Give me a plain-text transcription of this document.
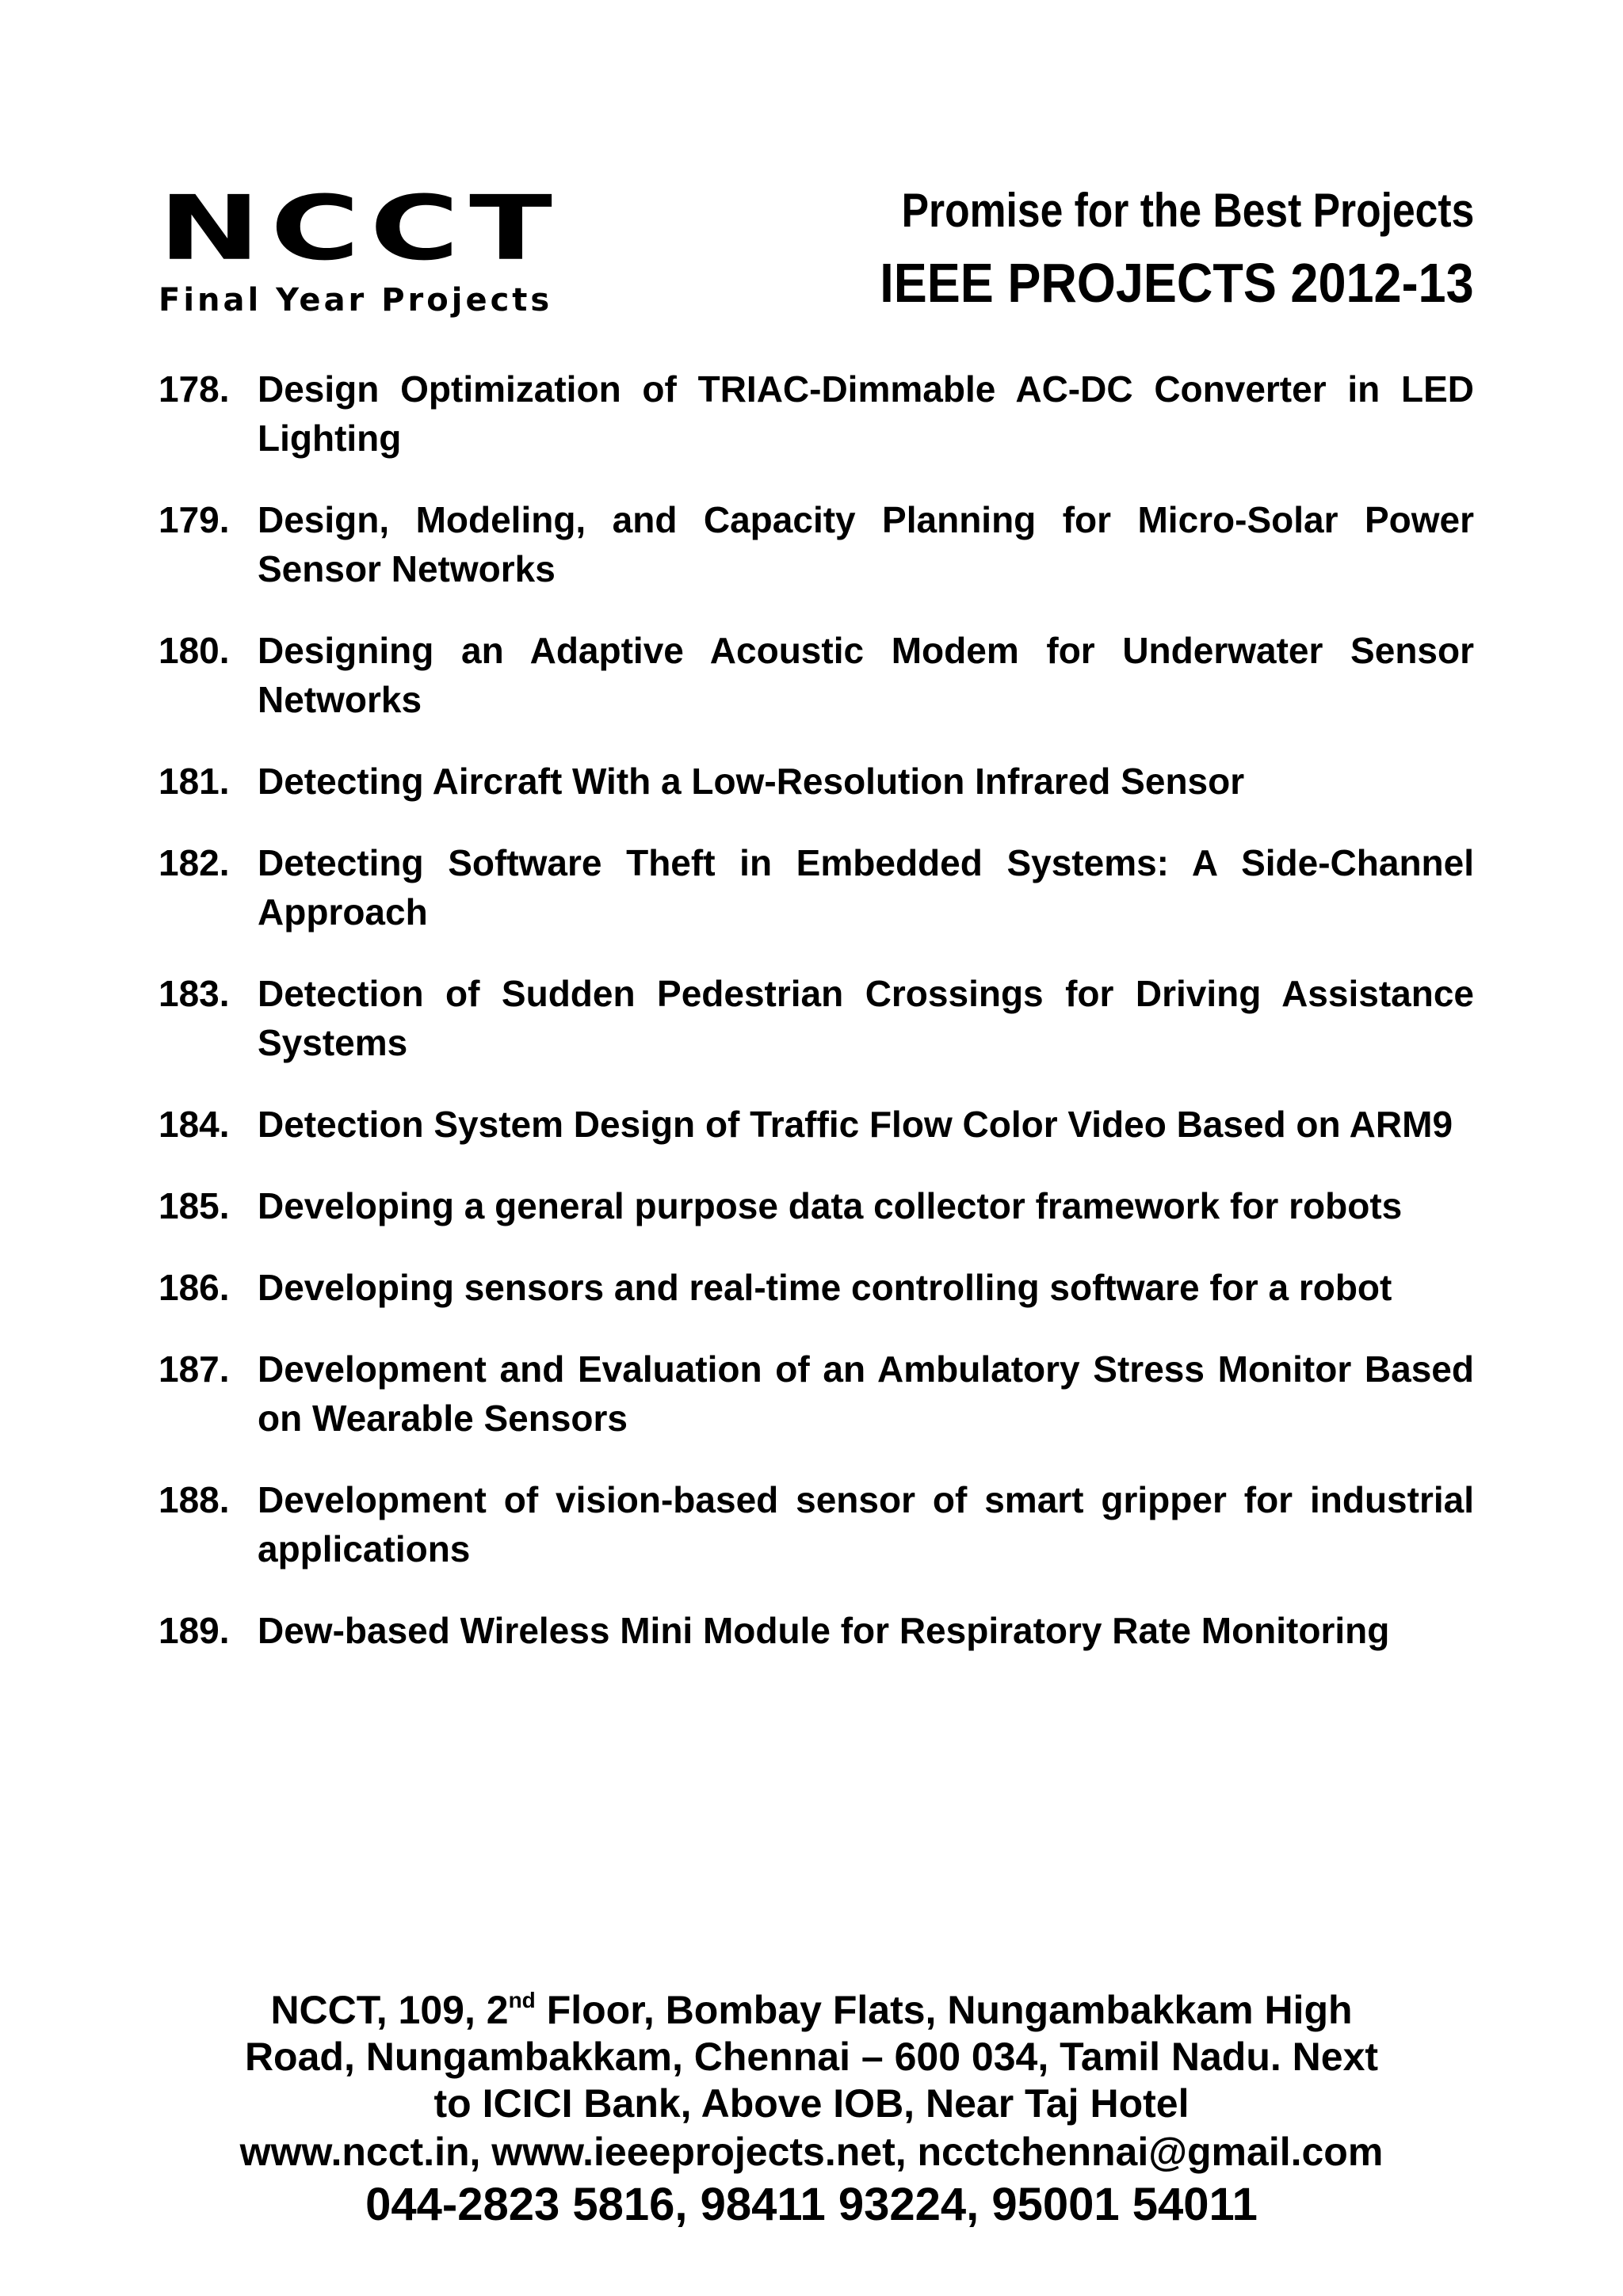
NCCT
Final Year Projects
Promise for the Best Projects
IEEE PROJECTS 2012-13
178. Design Optimization of TRIAC-Dimmable AC-DC Converter in LED Lighting
179. Design, Modeling, and Capacity Planning for Micro-Solar Power Sensor Networks
180. Designing an Adaptive Acoustic Modem for Underwater Sensor Networks
181. Detecting Aircraft With a Low-Resolution Infrared Sensor
182. Detecting Software Theft in Embedded Systems: A Side-Channel Approach
183. Detection of Sudden Pedestrian Crossings for Driving Assistance Systems
184. Detection System Design of Traffic Flow Color Video Based on ARM9
185. Developing a general purpose data collector framework for robots
186. Developing sensors and real-time controlling software for a robot
187. Development and Evaluation of an Ambulatory Stress Monitor Based on Wearable Sensors
188. Development of vision-based sensor of smart gripper for industrial applications
189. Dew-based Wireless Mini Module for Respiratory Rate Monitoring
NCCT, 109, 2nd Floor, Bombay Flats, Nungambakkam High
Road, Nungambakkam, Chennai – 600 034, Tamil Nadu. Next
to ICICI Bank, Above IOB, Near Taj Hotel
www.ncct.in, www.ieeeprojects.net, ncctchennai@gmail.com
044-2823 5816, 98411 93224, 95001 54011
